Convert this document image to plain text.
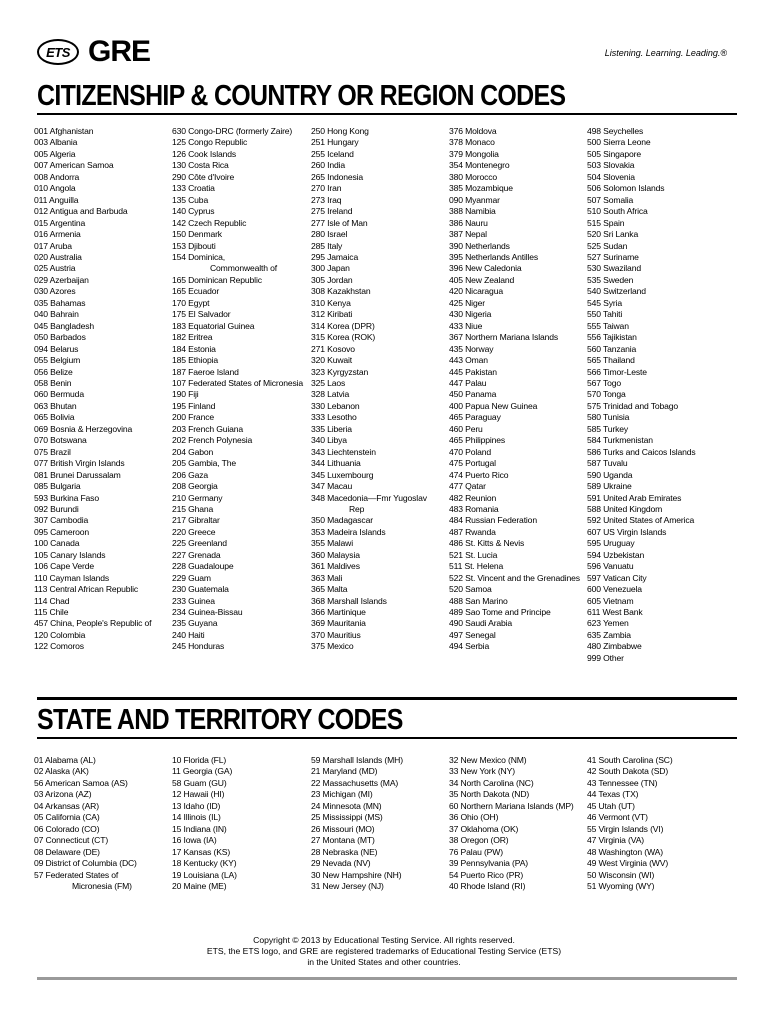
ETS GRE	Listening. Learning. Leading.®
CITIZENSHIP & COUNTRY OR REGION CODES
001 Afghanistan
003 Albania
005 Algeria
007 American Samoa
008 Andorra
010 Angola
011 Anguilla
012 Antigua and Barbuda
015 Argentina
016 Armenia
017 Aruba
020 Australia
025 Austria
029 Azerbaijan
030 Azores
035 Bahamas
040 Bahrain
045 Bangladesh
050 Barbados
094 Belarus
055 Belgium
056 Belize
058 Benin
060 Bermuda
063 Bhutan
065 Bolivia
069 Bosnia & Herzegovina
070 Botswana
075 Brazil
077 British Virgin Islands
081 Brunei Darussalam
085 Bulgaria
593 Burkina Faso
092 Burundi
307 Cambodia
095 Cameroon
100 Canada
105 Canary Islands
106 Cape Verde
110 Cayman Islands
113 Central African Republic
114 Chad
115 Chile
457 China, People's Republic of
120 Colombia
122 Comoros
630 Congo-DRC (formerly Zaire)
125 Congo Republic
126 Cook Islands
130 Costa Rica
290 Côte d'Ivoire
133 Croatia
135 Cuba
140 Cyprus
142 Czech Republic
150 Denmark
153 Djibouti
154 Dominica,
Commonwealth of
165 Dominican Republic
165 Ecuador
170 Egypt
175 El Salvador
183 Equatorial Guinea
182 Eritrea
184 Estonia
185 Ethiopia
187 Faeroe Island
107 Federated States of Micronesia
190 Fiji
195 Finland
200 France
203 French Guiana
202 French Polynesia
204 Gabon
205 Gambia, The
206 Gaza
208 Georgia
210 Germany
215 Ghana
217 Gibraltar
220 Greece
225 Greenland
227 Grenada
228 Guadaloupe
229 Guam
230 Guatemala
233 Guinea
234 Guinea-Bissau
235 Guyana
240 Haiti
245 Honduras
250 Hong Kong
251 Hungary
255 Iceland
260 India
265 Indonesia
270 Iran
273 Iraq
275 Ireland
277 Isle of Man
280 Israel
285 Italy
295 Jamaica
300 Japan
305 Jordan
308 Kazakhstan
310 Kenya
312 Kiribati
314 Korea (DPR)
315 Korea (ROK)
271 Kosovo
320 Kuwait
323 Kyrgyzstan
325 Laos
328 Latvia
330 Lebanon
333 Lesotho
335 Liberia
340 Libya
343 Liechtenstein
344 Lithuania
345 Luxembourg
347 Macau
348 Macedonia—Fmr Yugoslav
Rep
350 Madagascar
353 Madeira Islands
355 Malawi
360 Malaysia
361 Maldives
363 Mali
365 Malta
368 Marshall Islands
366 Martinique
369 Mauritania
370 Mauritius
375 Mexico
376 Moldova
378 Monaco
379 Mongolia
354 Montenegro
380 Morocco
385 Mozambique
090 Myanmar
388 Namibia
386 Nauru
387 Nepal
390 Netherlands
395 Netherlands Antilles
396 New Caledonia
405 New Zealand
420 Nicaragua
425 Niger
430 Nigeria
433 Niue
367 Northern Mariana Islands
435 Norway
443 Oman
445 Pakistan
447 Palau
450 Panama
400 Papua New Guinea
465 Paraguay
460 Peru
465 Philippines
470 Poland
475 Portugal
474 Puerto Rico
477 Qatar
482 Reunion
483 Romania
484 Russian Federation
487 Rwanda
486 St. Kitts & Nevis
521 St. Lucia
511 St. Helena
522 St. Vincent and the Grenadines
520 Samoa
488 San Marino
489 Sao Tome and Principe
490 Saudi Arabia
497 Senegal
494 Serbia
498 Seychelles
500 Sierra Leone
505 Singapore
503 Slovakia
504 Slovenia
506 Solomon Islands
507 Somalia
510 South Africa
515 Spain
520 Sri Lanka
525 Sudan
527 Suriname
530 Swaziland
535 Sweden
540 Switzerland
545 Syria
550 Tahiti
555 Taiwan
556 Tajikistan
560 Tanzania
565 Thailand
566 Timor-Leste
567 Togo
570 Tonga
575 Trinidad and Tobago
580 Tunisia
585 Turkey
584 Turkmenistan
586 Turks and Caicos Islands
587 Tuvalu
590 Uganda
589 Ukraine
591 United Arab Emirates
588 United Kingdom
592 United States of America
607 US Virgin Islands
595 Uruguay
594 Uzbekistan
596 Vanuatu
597 Vatican City
600 Venezuela
605 Vietnam
611 West Bank
623 Yemen
635 Zambia
480 Zimbabwe
999 Other
STATE AND TERRITORY CODES
01 Alabama (AL)
02 Alaska (AK)
56 American Samoa (AS)
03 Arizona (AZ)
04 Arkansas (AR)
05 California (CA)
06 Colorado (CO)
07 Connecticut (CT)
08 Delaware (DE)
09 District of Columbia (DC)
57 Federated States of
Micronesia (FM)
10 Florida (FL)
11 Georgia (GA)
58 Guam (GU)
12 Hawaii (HI)
13 Idaho (ID)
14 Illinois (IL)
15 Indiana (IN)
16 Iowa (IA)
17 Kansas (KS)
18 Kentucky (KY)
19 Louisiana (LA)
20 Maine (ME)
59 Marshall Islands (MH)
21 Maryland (MD)
22 Massachusetts (MA)
23 Michigan (MI)
24 Minnesota (MN)
25 Mississippi (MS)
26 Missouri (MO)
27 Montana (MT)
28 Nebraska (NE)
29 Nevada (NV)
30 New Hampshire (NH)
31 New Jersey (NJ)
32 New Mexico (NM)
33 New York (NY)
34 North Carolina (NC)
35 North Dakota (ND)
60 Northern Mariana Islands (MP)
36 Ohio (OH)
37 Oklahoma (OK)
38 Oregon (OR)
76 Palau (PW)
39 Pennsylvania (PA)
54 Puerto Rico (PR)
40 Rhode Island (RI)
41 South Carolina (SC)
42 South Dakota (SD)
43 Tennessee (TN)
44 Texas (TX)
45 Utah (UT)
46 Vermont (VT)
55 Virgin Islands (VI)
47 Virginia (VA)
48 Washington (WA)
49 West Virginia (WV)
50 Wisconsin (WI)
51 Wyoming (WY)
Copyright © 2013 by Educational Testing Service. All rights reserved.
ETS, the ETS logo, and GRE are registered trademarks of Educational Testing Service (ETS)
in the United States and other countries.
